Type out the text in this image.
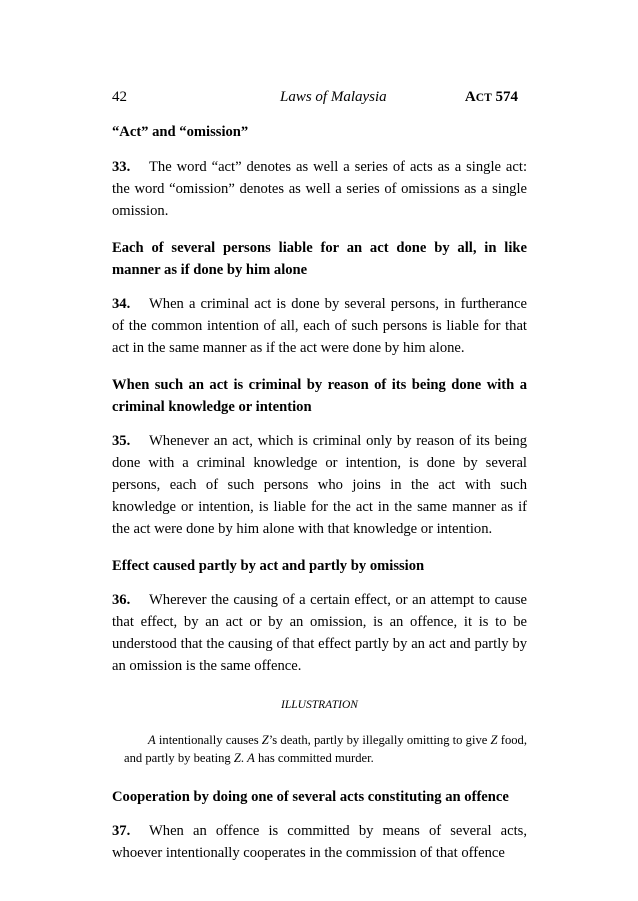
42	Laws of Malaysia	ACT 574

“Act” and “omission”

33. The word “act” denotes as well a series of acts as a single act: the word “omission” denotes as well a series of omissions as a single omission.

Each of several persons liable for an act done by all, in like manner as if done by him alone

34. When a criminal act is done by several persons, in furtherance of the common intention of all, each of such persons is liable for that act in the same manner as if the act were done by him alone.

When such an act is criminal by reason of its being done with a criminal knowledge or intention

35. Whenever an act, which is criminal only by reason of its being done with a criminal knowledge or intention, is done by several persons, each of such persons who joins in the act with such knowledge or intention, is liable for the act in the same manner as if the act were done by him alone with that knowledge or intention.

Effect caused partly by act and partly by omission

36. Wherever the causing of a certain effect, or an attempt to cause that effect, by an act or by an omission, is an offence, it is to be understood that the causing of that effect partly by an act and partly by an omission is the same offence.

ILLUSTRATION

A intentionally causes Z’s death, partly by illegally omitting to give Z food, and partly by beating Z. A has committed murder.

Cooperation by doing one of several acts constituting an offence

37. When an offence is committed by means of several acts, whoever intentionally cooperates in the commission of that offence
